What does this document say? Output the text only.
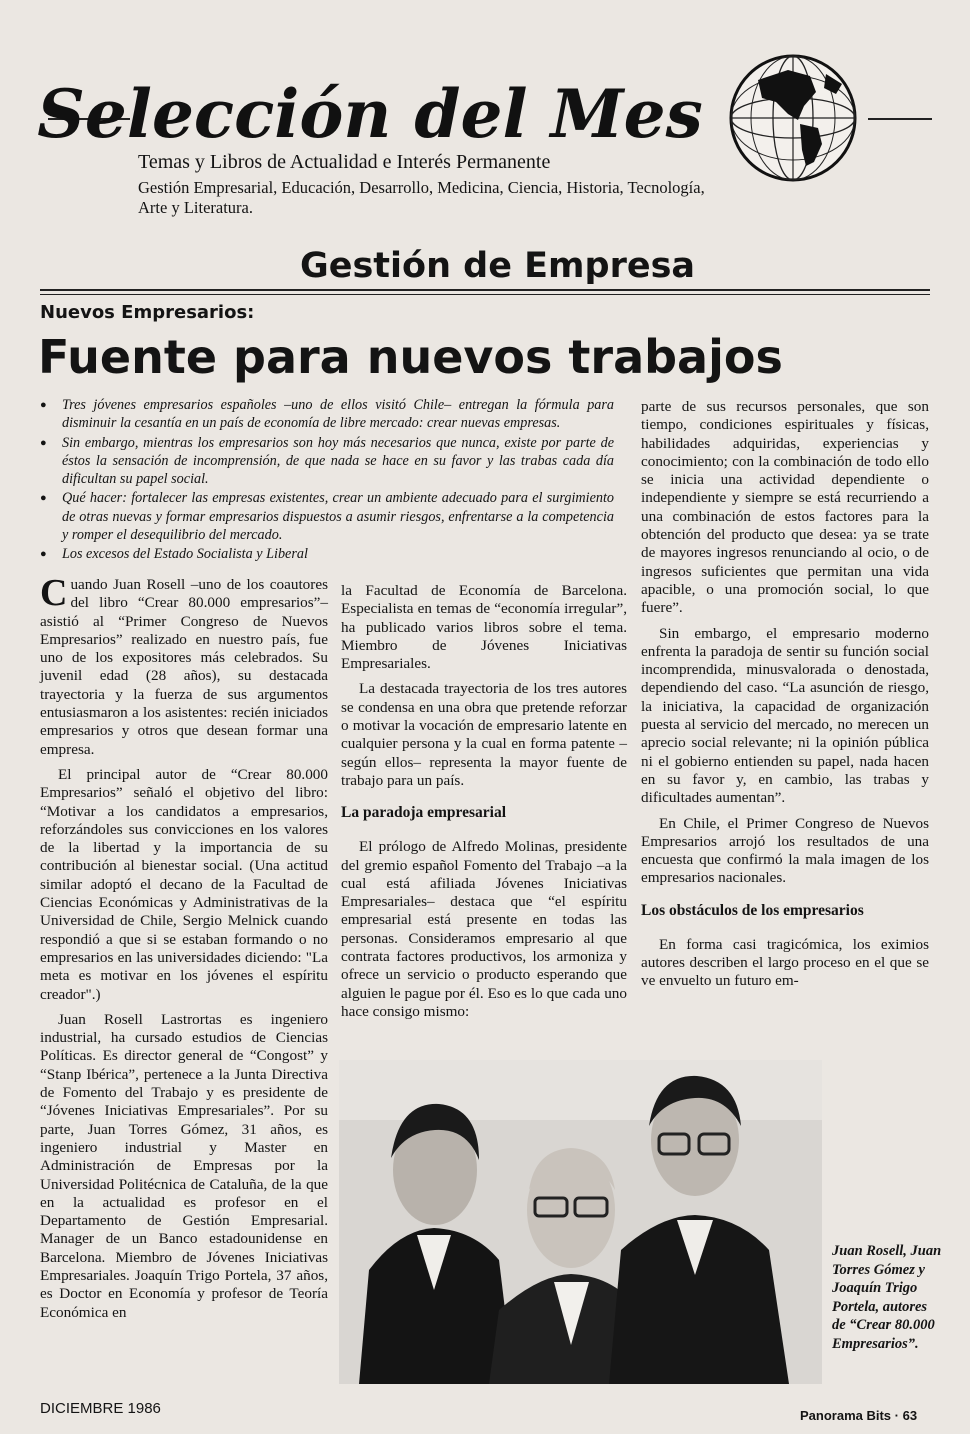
Selección del Mes
Temas y Libros de Actualidad e Interés Permanente
Gestión Empresarial, Educación, Desarrollo, Medicina, Ciencia, Historia, Tecnología, Arte y Literatura.
Gestión de Empresa
Nuevos Empresarios:
Fuente para nuevos trabajos
● Tres jóvenes empresarios españoles –uno de ellos visitó Chile– entregan la fórmula para disminuir la cesantía en un país de economía de libre mercado: crear nuevas empresas.
● Sin embargo, mientras los empresarios son hoy más necesarios que nunca, existe por parte de éstos la sensación de incomprensión, de que nada se hace en su favor y las trabas cada día dificultan su papel social.
● Qué hacer: fortalecer las empresas existentes, crear un ambiente adecuado para el surgimiento de otras nuevas y formar empresarios dispuestos a asumir riesgos, enfrentarse a la competencia y romper el desequilibrio del mercado.
● Los excesos del Estado Socialista y Liberal

Cuando Juan Rosell –uno de los coautores del libro “Crear 80.000 empresarios”– asistió al “Primer Congreso de Nuevos Empresarios” realizado en nuestro país, fue uno de los expositores más celebrados. Su juvenil edad (28 años), su destacada trayectoria y la fuerza de sus argumentos entusiasmaron a los asistentes: recién iniciados empresarios y otros que desean formar una empresa.

El principal autor de “Crear 80.000 Empresarios” señaló el objetivo del libro: “Motivar a los candidatos a empresarios, reforzándoles sus convicciones en los valores de la libertad y la importancia de su contribución al bienestar social. (Una actitud similar adoptó el decano de la Facultad de Ciencias Económicas y Administrativas de la Universidad de Chile, Sergio Melnick cuando respondió a que si se estaban formando o no empresarios en las universidades diciendo: "La meta es motivar en los jóvenes el espíritu creador".)

Juan Rosell Lastrortas es ingeniero industrial, ha cursado estudios de Ciencias Políticas. Es director general de “Congost” y “Stanp Ibérica”, pertenece a la Junta Directiva de Fomento del Trabajo y es presidente de “Jóvenes Iniciativas Empresariales”. Por su parte, Juan Torres Gómez, 31 años, es ingeniero industrial y Master en Administración de Empresas por la Universidad Politécnica de Cataluña, de la que en la actualidad es profesor en el Departamento de Gestión Empresarial. Manager de un Banco estadounidense en Barcelona. Miembro de Jóvenes Iniciativas Empresariales. Joaquín Trigo Portela, 37 años, es Doctor en Economía y profesor de Teoría Económica en

la Facultad de Economía de Barcelona. Especialista en temas de “economía irregular”, ha publicado varios libros sobre el tema. Miembro de Jóvenes Iniciativas Empresariales.

La destacada trayectoria de los tres autores se condensa en una obra que pretende reforzar o motivar la vocación de empresario latente en cualquier persona y la cual en forma patente –según ellos– representa la mayor fuente de trabajo para un país.

La paradoja empresarial

El prólogo de Alfredo Molinas, presidente del gremio español Fomento del Trabajo –a la cual está afiliada Jóvenes Iniciativas Empresariales– destaca que “el espíritu empresarial está presente en todas las personas. Consideramos empresario al que contrata factores productivos, los armoniza y ofrece un servicio o producto esperando que alguien le pague por él. Eso es lo que cada uno hace consigo mismo:

parte de sus recursos personales, que son tiempo, condiciones espirituales y físicas, habilidades adquiridas, experiencias y conocimiento; con la combinación de todo ello se inicia una actividad dependiente o independiente y siempre se está recurriendo a una combinación de estos factores para la obtención del producto que desea: ya se trate de mayores ingresos renunciando al ocio, o de ingresos suficientes que permitan una vida apacible, o una promoción social, lo que fuere”.

Sin embargo, el empresario moderno enfrenta la paradoja de sentir su función social incomprendida, minusvalorada o denostada, dependiendo del caso. “La asunción de riesgo, la iniciativa, la capacidad de organización puesta al servicio del mercado, no merecen un aprecio social relevante; ni la opinión pública ni el gobierno entienden su papel, nada hacen en su favor y, en cambio, las trabas y dificultades aumentan”.

En Chile, el Primer Congreso de Nuevos Empresarios arrojó los resultados de una encuesta que confirmó la mala imagen de los empresarios nacionales.

Los obstáculos de los empresarios

En forma casi tragicómica, los eximios autores describen el largo proceso en el que se ve envuelto un futuro em-

Juan Rosell, Juan Torres Gómez y Joaquín Trigo Portela, autores de “Crear 80.000 Empresarios”.
DICIEMBRE 1986	Panorama Bits · 63
